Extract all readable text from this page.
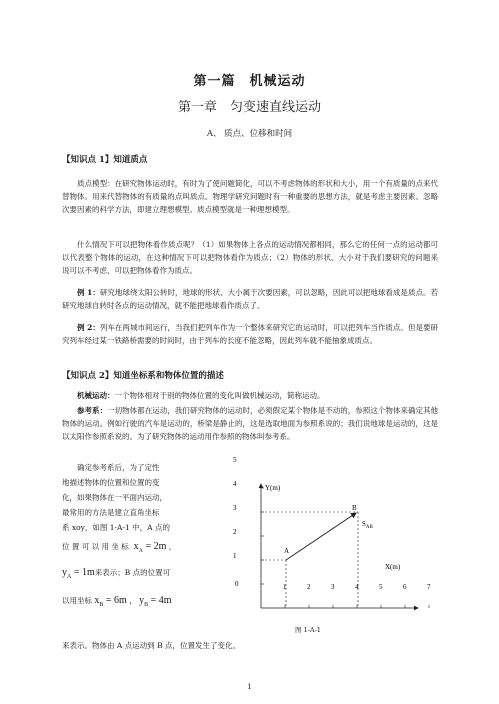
第一篇　机械运动
第一章　匀变速直线运动
A、 质点、位移和时间
【知识点 1】知道质点
质点模型：在研究物体运动时，有时为了使问题简化，可以不考虑物体的形状和大小，用一个有质量的点来代替物体。用来代替物体的有质量的点叫质点。物理学研究问题时有一种重要的思想方法，就是考虑主要因素、忽略次要因素的科学方法，即建立理想模型。质点模型就是一种理想模型。
什么情况下可以把物体看作质点呢？（1）如果物体上各点的运动情况都相同，那么它的任何一点的运动都可以代表整个物体的运动，在这种情况下可以把物体看作为质点；（2）物体的形状、大小对于我们要研究的问题来说可以不考虑，可以把物体看作为质点。
例 1：研究地球绕太阳公转时，地球的形状、大小属于次要因素，可以忽略，因此可以把地球看成是质点。若研究地球自转时各点的运动情况，就不能把地球看作质点了。
例 2：列车在两城市间运行，当我们把列车作为一个整体来研究它的运动时，可以把列车当作质点。但是要研究列车经过某一铁路桥需要的时间时，由于列车的长度不能忽略，因此列车就不能抽象成质点。
【知识点 2】知道坐标系和物体位置的描述
机械运动：一个物体相对于别的物体位置的变化叫做机械运动，简称运动。
参考系：一切物体都在运动，我们研究物体的运动时，必须假定某个物体是不动的，参照这个物体来确定其他物体的运动。例如行驶的汽车是运动的，桥梁是静止的，这是选取地面为参照系说的；我们说地球是运动的，这是以太阳作参照系说的。为了研究物体的运动用作参照的物体叫参考系。
确定参考系后，为了定性
地描述物体的位置和位置的变
化，如果物体在一平面内运动，
最常用的方法是建立直角坐标
系 xoy，如图 1-A-1 中，A 点的
位 置 可 以 用 坐 标 $x_A = 2m$ ，
$y_A = 1m$来表示；B 点的位置可
以用坐标 $x_B = 6m$ ， $y_B = 4m$
来表示。物体由 A 点运动到 B 点，位置发生了变化。
Y(m)
X(m)
0	1	2	3	4	5	6	7
1
2
3
4
5
A
B
$S_{AB}$
图 1-A-1
1
